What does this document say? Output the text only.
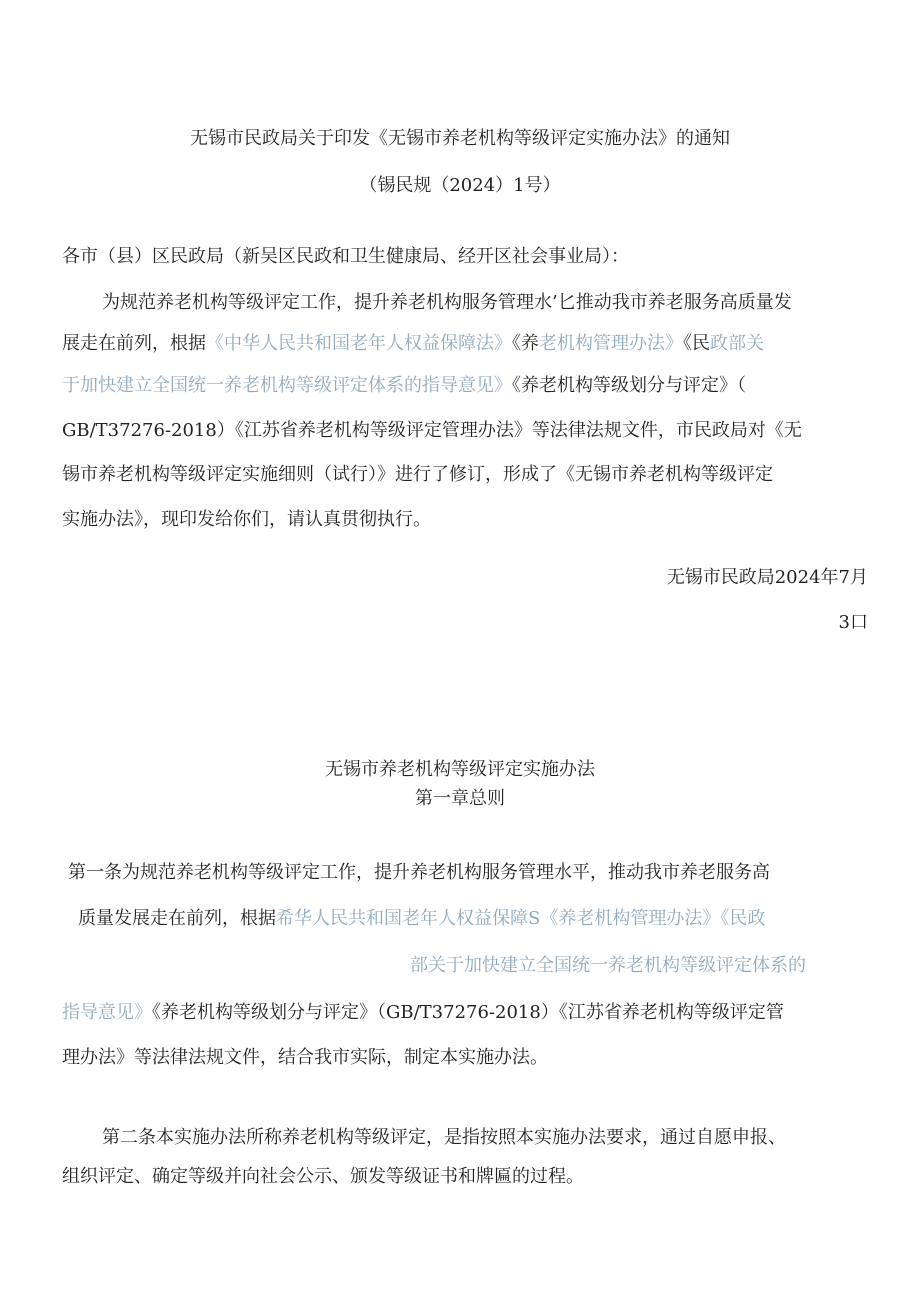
无锡市民政局关于印发《无锡市养老机构等级评定实施办法》的通知
（锡民规（2024）1号）
各市（县）区民政局（新吴区民政和卫生健康局、经开区社会事业局）：
为规范养老机构等级评定工作，提升养老机构服务管理水’匕推动我市养老服务高质量发
展走在前列，根据《中华人民共和国老年人权益保障法》《养老机构管理办法》《民政部关
于加快建立全国统一养老机构等级评定体系的指导意见》《养老机构等级划分与评定》（
GB/T37276-2018）《江苏省养老机构等级评定管理办法》等法律法规文件，市民政局对《无
锡市养老机构等级评定实施细则（试行）》进行了修订，形成了《无锡市养老机构等级评定
实施办法》，现印发给你们，请认真贯彻执行。
无锡市民政局2024年7月
3口
无锡市养老机构等级评定实施办法
第一章总则
第一条为规范养老机构等级评定工作，提升养老机构服务管理水平，推动我市养老服务高
质量发展走在前列，根据希华人民共和国老年人权益保障S《养老机构管理办法》《民政
部关于加快建立全国统一养老机构等级评定体系的
指导意见》《养老机构等级划分与评定》（GB/T37276-2018）《江苏省养老机构等级评定管
理办法》等法律法规文件，结合我市实际，制定本实施办法。
第二条本实施办法所称养老机构等级评定，是指按照本实施办法要求，通过自愿申报、
组织评定、确定等级并向社会公示、颁发等级证书和牌匾的过程。
